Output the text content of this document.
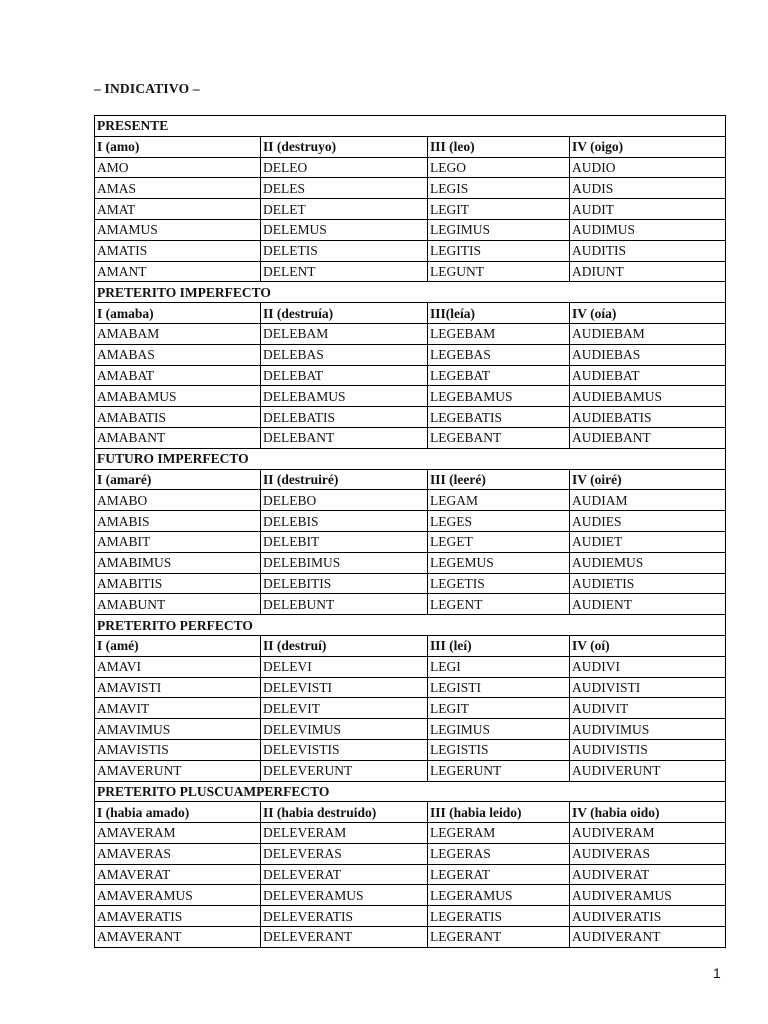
– INDICATIVO –
PRESENTE			
I (amo)	II (destruyo)	III (leo)	IV (oigo)
AMO	DELEO	LEGO	AUDIO
AMAS	DELES	LEGIS	AUDIS
AMAT	DELET	LEGIT	AUDIT
AMAMUS	DELEMUS	LEGIMUS	AUDIMUS
AMATIS	DELETIS	LEGITIS	AUDITIS
AMANT	DELENT	LEGUNT	ADIUNT
PRETERITO IMPERFECTO			
I (amaba)	II (destruía)	III(leía)	IV (oía)
AMABAM	DELEBAM	LEGEBAM	AUDIEBAM
AMABAS	DELEBAS	LEGEBAS	AUDIEBAS
AMABAT	DELEBAT	LEGEBAT	AUDIEBAT
AMABAMUS	DELEBAMUS	LEGEBAMUS	AUDIEBAMUS
AMABATIS	DELEBATIS	LEGEBATIS	AUDIEBATIS
AMABANT	DELEBANT	LEGEBANT	AUDIEBANT
FUTURO IMPERFECTO			
I (amaré)	II (destruiré)	III (leeré)	IV (oiré)
AMABO	DELEBO	LEGAM	AUDIAM
AMABIS	DELEBIS	LEGES	AUDIES
AMABIT	DELEBIT	LEGET	AUDIET
AMABIMUS	DELEBIMUS	LEGEMUS	AUDIEMUS
AMABITIS	DELEBITIS	LEGETIS	AUDIETIS
AMABUNT	DELEBUNT	LEGENT	AUDIENT
PRETERITO PERFECTO			
I (amé)	II (destruí)	III (leí)	IV (oí)
AMAVI	DELEVI	LEGI	AUDIVI
AMAVISTI	DELEVISTI	LEGISTI	AUDIVISTI
AMAVIT	DELEVIT	LEGIT	AUDIVIT
AMAVIMUS	DELEVIMUS	LEGIMUS	AUDIVIMUS
AMAVISTIS	DELEVISTIS	LEGISTIS	AUDIVISTIS
AMAVERUNT	DELEVERUNT	LEGERUNT	AUDIVERUNT
PRETERITO PLUSCUAMPERFECTO			
I (habia amado)	II (habia destruido)	III (habia leido)	IV (habia oido)
AMAVERAM	DELEVERAM	LEGERAM	AUDIVERAM
AMAVERAS	DELEVERAS	LEGERAS	AUDIVERAS
AMAVERAT	DELEVERAT	LEGERAT	AUDIVERAT
AMAVERAMUS	DELEVERAMUS	LEGERAMUS	AUDIVERAMUS
AMAVERATIS	DELEVERATIS	LEGERATIS	AUDIVERATIS
AMAVERANT	DELEVERANT	LEGERANT	AUDIVERANT
1
